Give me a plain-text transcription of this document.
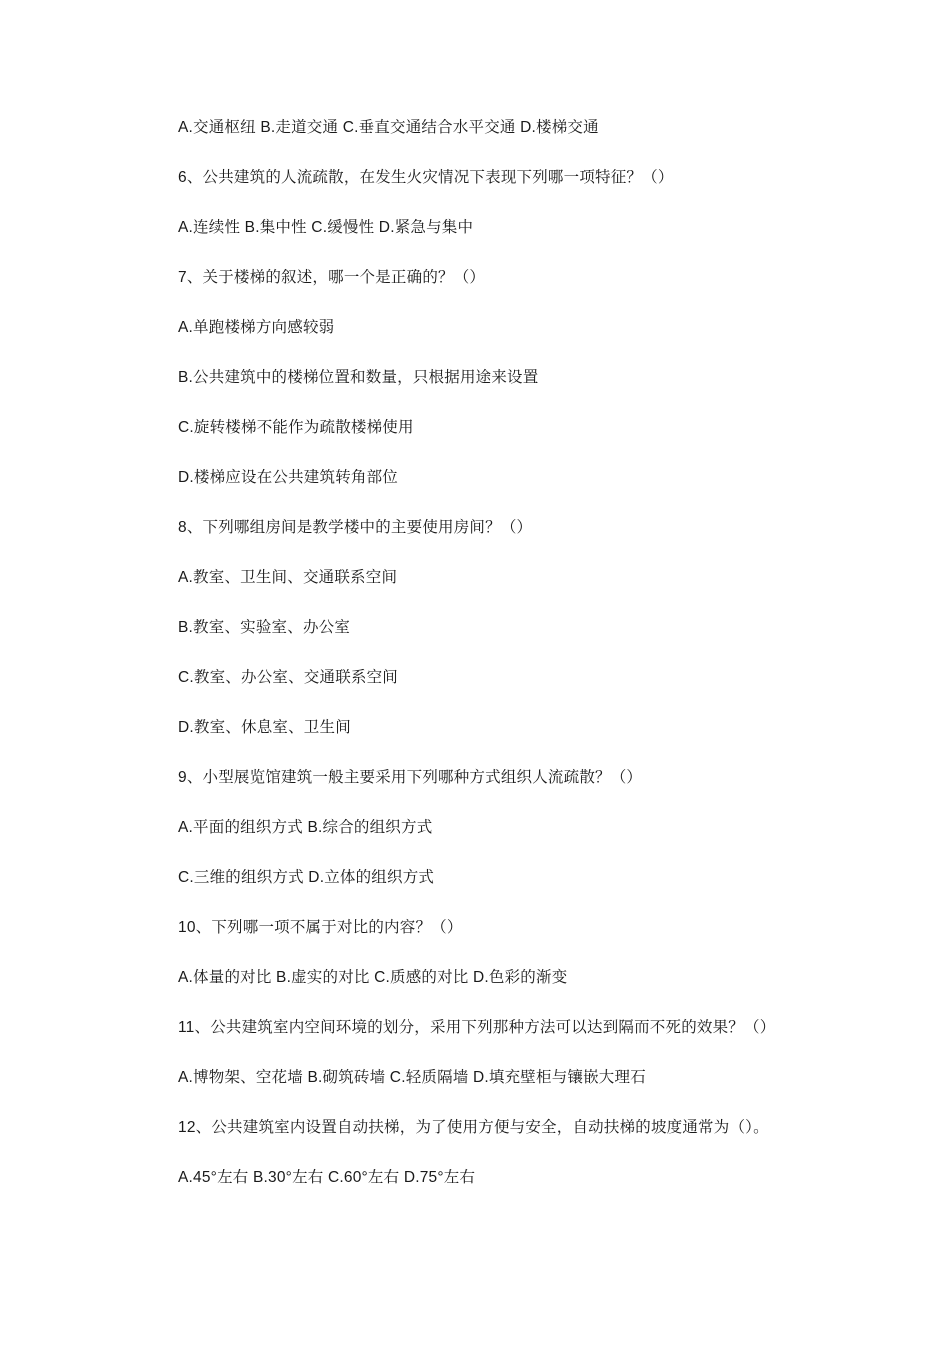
A.交通枢纽 B.走道交通 C.垂直交通结合水平交通 D.楼梯交通
6、公共建筑的人流疏散，在发生火灾情况下表现下列哪一项特征？（）
A.连续性 B.集中性 C.缓慢性 D.紧急与集中
7、关于楼梯的叙述，哪一个是正确的？（）
A.单跑楼梯方向感较弱
B.公共建筑中的楼梯位置和数量，只根据用途来设置
C.旋转楼梯不能作为疏散楼梯使用
D.楼梯应设在公共建筑转角部位
8、下列哪组房间是教学楼中的主要使用房间？（）
A.教室、卫生间、交通联系空间
B.教室、实验室、办公室
C.教室、办公室、交通联系空间
D.教室、休息室、卫生间
9、小型展览馆建筑一般主要采用下列哪种方式组织人流疏散？（）
A.平面的组织方式 B.综合的组织方式
C.三维的组织方式 D.立体的组织方式
10、下列哪一项不属于对比的内容？（）
A.体量的对比 B.虚实的对比 C.质感的对比 D.色彩的渐变
11、公共建筑室内空间环境的划分，采用下列那种方法可以达到隔而不死的效果？（）
A.博物架、空花墙 B.砌筑砖墙 C.轻质隔墙 D.填充壁柜与镶嵌大理石
12、公共建筑室内设置自动扶梯，为了使用方便与安全，自动扶梯的坡度通常为（）。
A.45°左右 B.30°左右 C.60°左右 D.75°左右
